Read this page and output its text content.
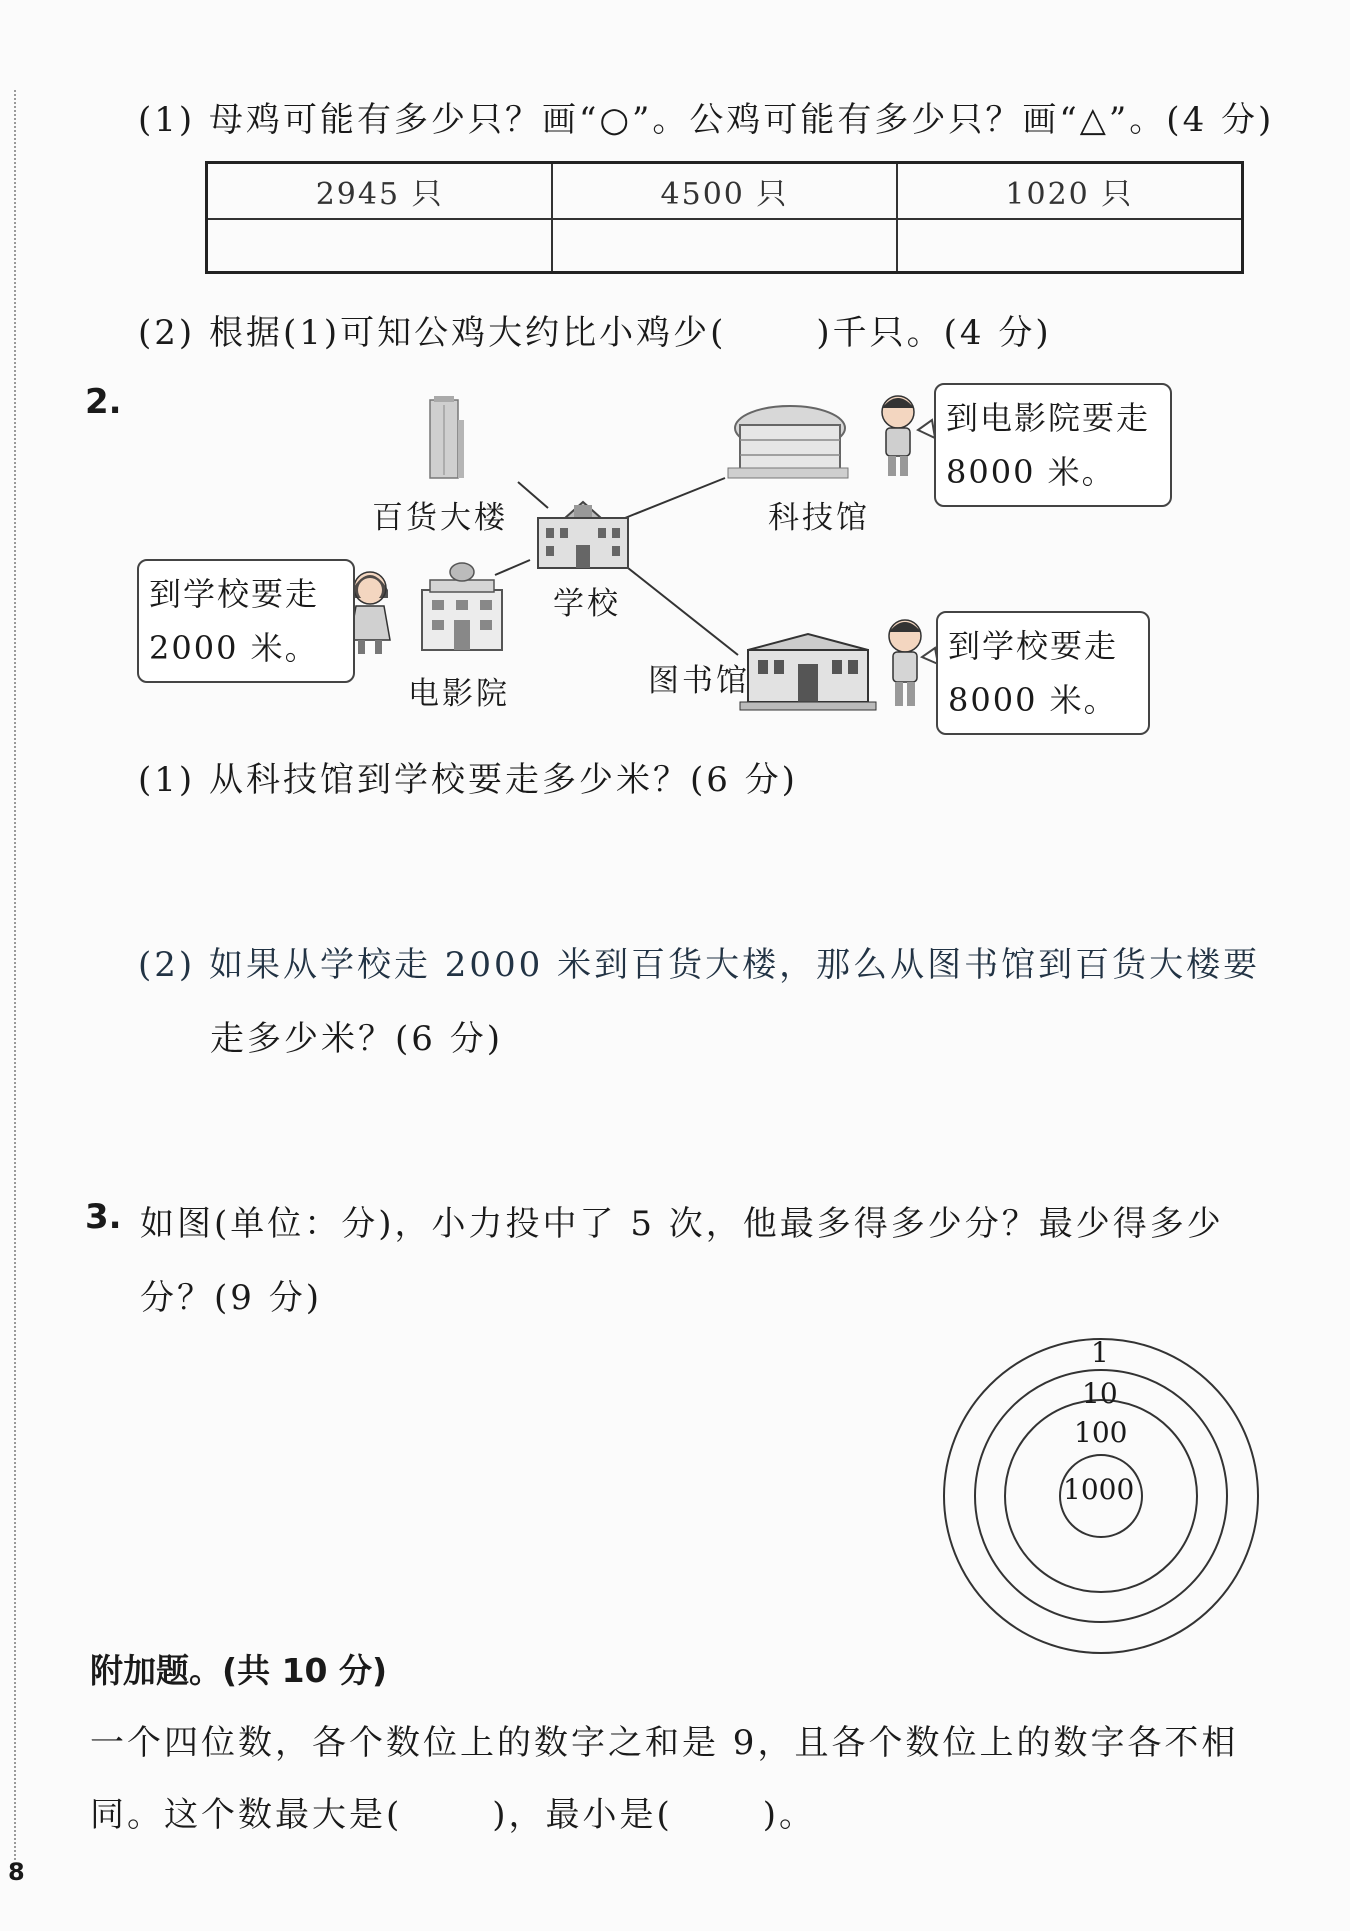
(1) 母鸡可能有多少只？画“○”。公鸡可能有多少只？画“△”。(4 分)
2945 只	4500 只	1020 只

(2) 根据(1)可知公鸡大约比小鸡少(	)千只。(4 分)
2.
百货大楼	科技馆
学校
电影院	图书馆
到电影院要走
8000 米。
到学校要走
2000 米。	到学校要走
8000 米。
(1) 从科技馆到学校要走多少米？(6 分)
(2) 如果从学校走 2000 米到百货大楼，那么从图书馆到百货大楼要
走多少米？(6 分)
3. 如图(单位：分)，小力投中了 5 次，他最多得多少分？最少得多少
分？(9 分)
1
10
100
1000
附加题。(共 10 分)
一个四位数，各个数位上的数字之和是 9，且各个数位上的数字各不相
同。这个数最大是(	)，最小是(	)。
8
